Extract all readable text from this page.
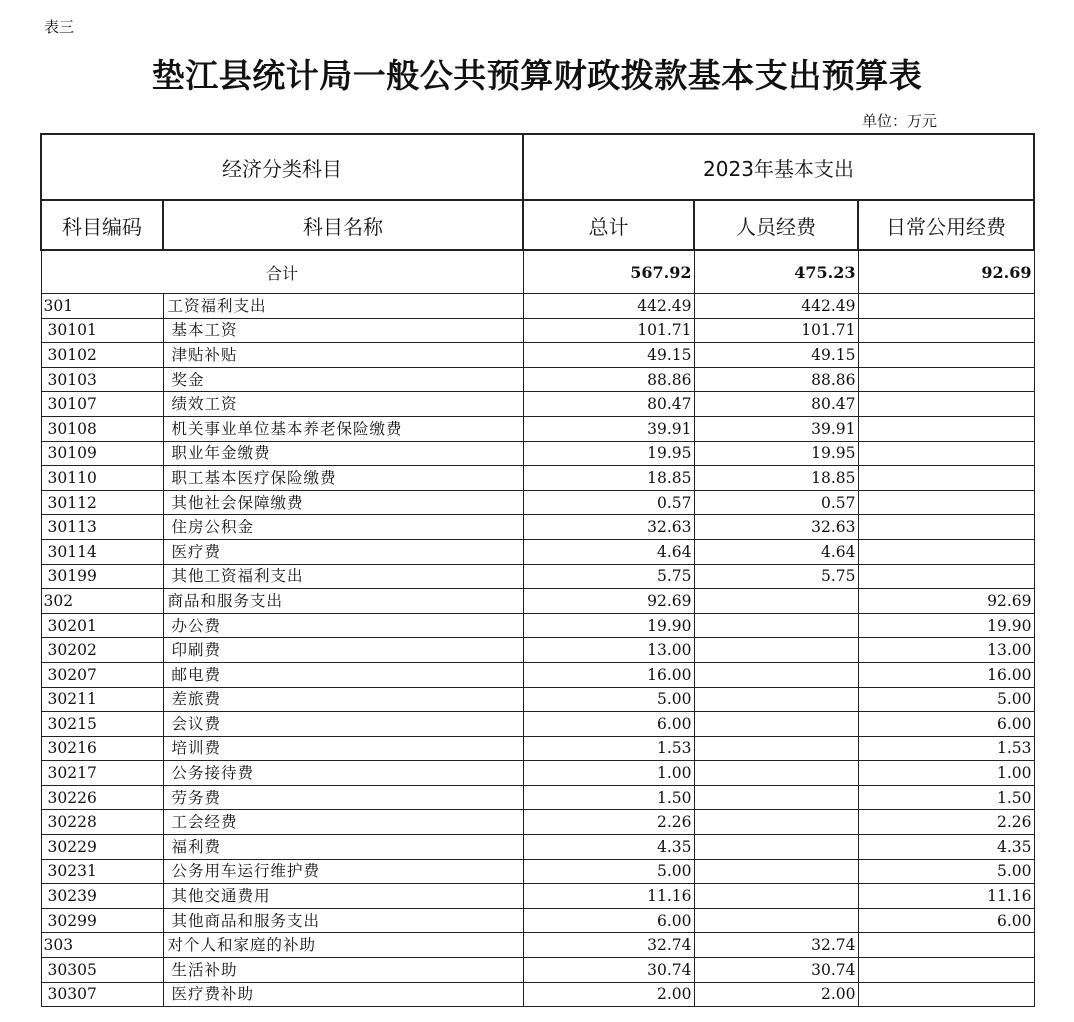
表三
垫江县统计局一般公共预算财政拨款基本支出预算表
单位：万元
经济分类科目		2023年基本支出		
科目编码	科目名称	总计	人员经费	日常公用经费
合计		567.92	475.23	92.69
301	工资福利支出	442.49	442.49	
30101	基本工资	101.71	101.71	
30102	津贴补贴	49.15	49.15	
30103	奖金	88.86	88.86	
30107	绩效工资	80.47	80.47	
30108	机关事业单位基本养老保险缴费	39.91	39.91	
30109	职业年金缴费	19.95	19.95	
30110	职工基本医疗保险缴费	18.85	18.85	
30112	其他社会保障缴费	0.57	0.57	
30113	住房公积金	32.63	32.63	
30114	医疗费	4.64	4.64	
30199	其他工资福利支出	5.75	5.75	
302	商品和服务支出	92.69		92.69
30201	办公费	19.90		19.90
30202	印刷费	13.00		13.00
30207	邮电费	16.00		16.00
30211	差旅费	5.00		5.00
30215	会议费	6.00		6.00
30216	培训费	1.53		1.53
30217	公务接待费	1.00		1.00
30226	劳务费	1.50		1.50
30228	工会经费	2.26		2.26
30229	福利费	4.35		4.35
30231	公务用车运行维护费	5.00		5.00
30239	其他交通费用	11.16		11.16
30299	其他商品和服务支出	6.00		6.00
303	对个人和家庭的补助	32.74	32.74	
30305	生活补助	30.74	30.74	
30307	医疗费补助	2.00	2.00	
